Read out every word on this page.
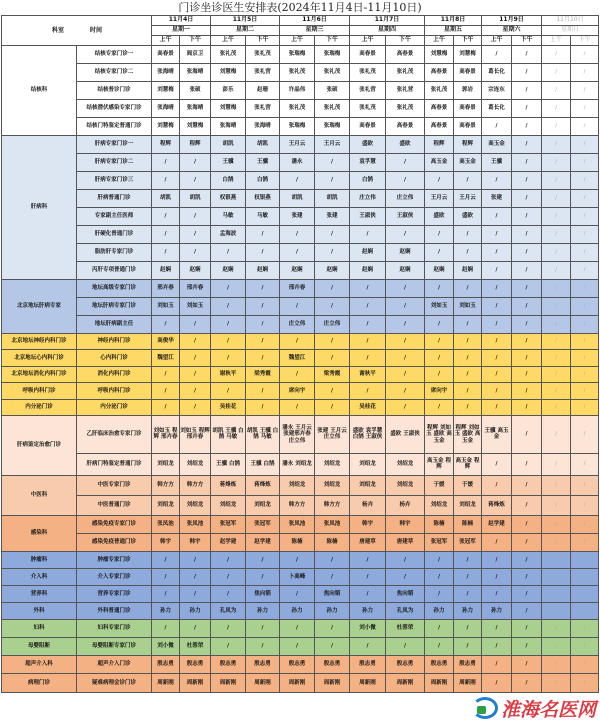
门诊坐诊医生安排表(2024年11月4日-11月10日)
科室 时间		11月4日		11月5日		11月6日		11月7日		11月8日		11月9日		11月10日	
		星期一		星期二		星期三		星期四		星期五		星期六		星期日	
		上午	下午	上午	下午	上午	下午	上午	下午	上午	下午	上午	下午	上午	下午
结核科	结核专家门诊一	高春景	阎京卫	张礼茂	张礼茂	张瑞梅	张瑞梅	高春景	高春景	刘慧梅	刘慧梅	/	/	/	/
	结核专家门诊二	张海晴	张海晴	刘慧梅	张礼营	张礼茂	张礼茂	张礼茂	张礼茂	高春景	高春景	葛长化	/	/	/
	结核普诊门诊	刘慧梅	张硕	彭乐	赵珊	许晶伟	张硕	张礼营	张礼营	张礼茂	郭岩	宗连东	/	/	/
	结核潜伏感染专家门诊	张海晴	张海晴	刘慧梅	张礼营	张礼茂	张礼茂	张礼茂	张礼茂	高春景	高春景	葛长化	/	/	/
	结核门特鉴定普通门诊	刘慧梅	刘慧梅	张海晴	张海晴	张瑞梅	张瑞梅	高春景	高春景	高春景	高春景	/	/	/	/
肝病科	肝病专家门诊一	程辉	程辉	胡凯	胡凯	王月云	王月云	盛欧	盛欧	程辉	程辉	高玉金	/	/	/
	肝病专家门诊二	/	/	王骥	王骥	潘永	/	袁孚慧	/	高玉金	高玉金	王骥	/	/	/
	肝病专家门诊三	/	/	白鹄	白鹄	/	/	白鹄	/	/	/	/	/	/	/
	肝病普通门诊	胡凯	胡凯	权银燕	权银燕	胡凯	胡凯	庄立伟	庄立伟	王月云	王月云	张建	/	/	/
	专家副主任医师	/	/	马敏	马敏	张建	张建	王淑侠	王淑侠	盛欧	盛欧	/	/	/	/
	肝硬化普通门诊	/	/	孟海波	/	/	/	/	/	/	/	/	/	/	/
	脂肪肝专家门诊	/	/	/	/	/	/	赵娴	赵娴	/	/	/	/	/	/
	丙肝专项普通门诊	赵娴	赵娴	赵娴	赵娴	赵娴	赵娴	赵娴	赵娴	赵娴	赵娴	/	/	/	/
北京地坛肝病专家	地坛高级专家门诊	邢卉春	邢卉春	/	/	邢卉春	/	/	/	/	/	/	/	/	/
	地坛肝病专家门诊	刘如玉	刘如玉	/	/	/	/	/	/	刘如玉	刘如玉	/	/	/	/
	地坛肝病副主任	/	/	/	/	庄立伟	庄立伟	/	/	/	/	/	/	/	/
北京地坛神经内科门诊	神经内科门诊	高俊华	/	/	/	/	/	/	/	/	/	/	/	/	/
北京地坛心内科门诊	心内科门诊	魏望江	/	/	/	魏望江	/	/	/	/	/	/	/	/	/
北京地坛消化内科门诊	消化内科门诊	/	/	谢秋平	梁秀霞	/	梁秀霞	谢秋平	/	/	/	/	/	/	/
呼吸内科门诊	呼吸内科门诊	/	/	/	/	席向宇	/	/	/	席向宇	/	/	/	/	/
内分泌门诊	内分泌门诊	/	/	吴桂花	/	/	/	吴桂花	/	/	/	/	/	/	/
肝病鉴定治愈门诊	乙肝临床治愈专家门诊	刘如玉 程辉 邢卉春	刘如玉 程辉邢卉春	胡凯 王骥 白鹄 马敏	胡凯 王骥 白鹄 马敏	潘永 王月云 张建邢卉春 庄立伟	张建 王月云庄立伟	盛欧 袁孚慧 白鹄 王淑侠	盛欧 王淑侠	程辉 刘如玉 盛欧 高玉金	程辉 刘如玉 盛欧 高玉金	王骥 高玉金	/	/	/
	肝病门特鉴定普通门诊	刘绍龙	刘绍龙	王骥 白鹄	王骥 白鹄	潘永 刘绍龙	刘绍龙	刘绍龙	刘绍龙	高玉金 程辉	高玉金 程辉	/	/	/	/
中医科	中医专家门诊	韩方方	韩方方	蒋烽炼	蒋烽炼	刘绍龙	刘绍龙	刘绍龙	刘绍龙	于媛	于媛	/	/	/	/
	中医普通门诊	刘绍龙	刘绍龙	刘绍龙	刘绍龙	韩方方	韩方方	杨卉	杨卉	刘绍龙	刘绍龙	蒋烽炼	/	/	/
感染科	感染免疫专家门诊	张凤池	张凤池	张冠军	张冠军	张凤池	张凤池	韩宇	韩宇	陈楠	陈楠	赵学建	/	/	/
	感染免疫普通门诊	韩宇	韩宇	赵学建	赵学建	陈楠	陈楠	唐建草	唐建草	张冠军	张冠军	/	/	/	/
肿瘤科	肿瘤专家门诊	/	/	/	/	/	/	/	/	/	/	/	/	/	/
介入科	介入专家门诊	/	/	/	/	卜高峰	/	/	/	/	/	/	/	/	/
营养科	营养专家门诊	/	/	/	焦向韬	/	焦向韬	/	焦向韬	/	/	/	/	/	/
外科	外科普通门诊	孙力	孙力	孔凤为	孙力	孙力	孙力	孙力	孔凤为	孙力	孙力	孙力	/	/	/
妇科	妇科专家门诊	/	/	/	/	/	/	刘小微	杜蓉荣	/	/	/	/	/	/
母婴阻断	母婴阻断专家门诊	刘小微	杜蓉荣	/	/	/	/	/	/	/	/	/	/	/	/
超声介入科	超声介入门诊	殷志勇	殷志勇	殷志勇	殷志勇	殷志勇	殷志勇	殷志勇	殷志勇	殷志勇	殷志勇	/	/	/	/
病理门诊	疑难病理会诊门诊	周新刚	周新刚	周新刚	周新刚	周新刚	周新刚	周新刚	周新刚	周新刚	周新刚	/	/	/	/
淮海名医网
